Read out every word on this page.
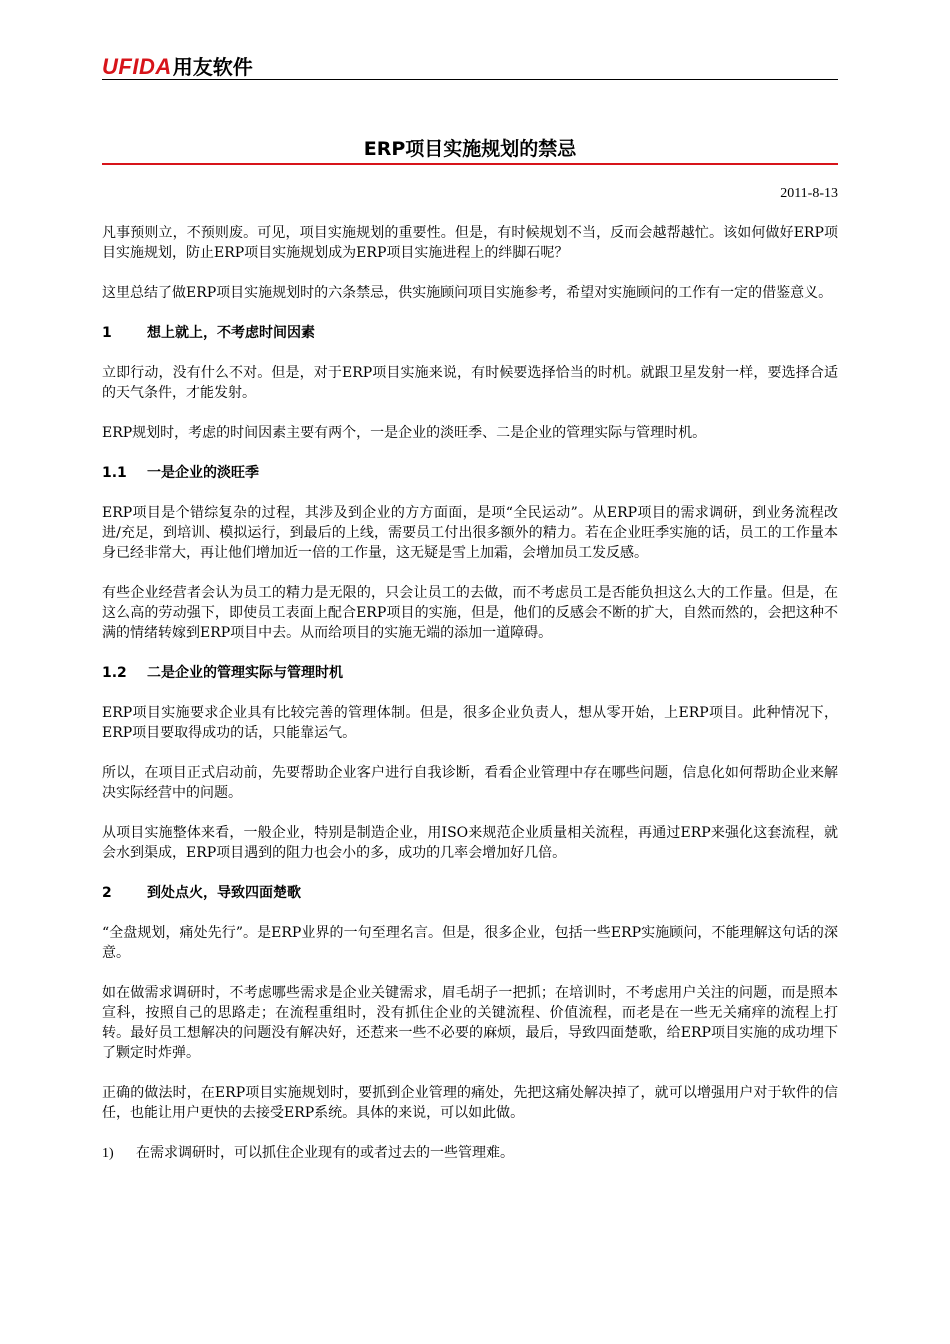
UFIDA用友软件
ERP项目实施规划的禁忌
2011-8-13

凡事预则立，不预则废。可见，项目实施规划的重要性。但是，有时候规划不当，反而会越帮越忙。该如何做好ERP项目实施规划，防止ERP项目实施规划成为ERP项目实施进程上的绊脚石呢？

这里总结了做ERP项目实施规划时的六条禁忌，供实施顾问项目实施参考，希望对实施顾问的工作有一定的借鉴意义。

1	想上就上，不考虑时间因素

立即行动，没有什么不对。但是，对于ERP项目实施来说，有时候要选择恰当的时机。就跟卫星发射一样，要选择合适的天气条件，才能发射。

ERP规划时，考虑的时间因素主要有两个，一是企业的淡旺季、二是企业的管理实际与管理时机。

1.1 一是企业的淡旺季

ERP项目是个错综复杂的过程，其涉及到企业的方方面面，是项“全民运动”。从ERP项目的需求调研，到业务流程改进/充足，到培训、模拟运行，到最后的上线，需要员工付出很多额外的精力。若在企业旺季实施的话，员工的工作量本身已经非常大，再让他们增加近一倍的工作量，这无疑是雪上加霜，会增加员工发反感。

有些企业经营者会认为员工的精力是无限的，只会让员工的去做，而不考虑员工是否能负担这么大的工作量。但是，在这么高的劳动强下，即使员工表面上配合ERP项目的实施，但是，他们的反感会不断的扩大，自然而然的，会把这种不满的情绪转嫁到ERP项目中去。从而给项目的实施无端的添加一道障碍。

1.2 二是企业的管理实际与管理时机

ERP项目实施要求企业具有比较完善的管理体制。但是，很多企业负责人，想从零开始，上ERP项目。此种情况下，ERP项目要取得成功的话，只能靠运气。

所以，在项目正式启动前，先要帮助企业客户进行自我诊断，看看企业管理中存在哪些问题，信息化如何帮助企业来解决实际经营中的问题。

从项目实施整体来看，一般企业，特别是制造企业，用ISO来规范企业质量相关流程，再通过ERP来强化这套流程，就会水到渠成，ERP项目遇到的阻力也会小的多，成功的几率会增加好几倍。

2	到处点火，导致四面楚歌

“全盘规划，痛处先行”。是ERP业界的一句至理名言。但是，很多企业，包括一些ERP实施顾问，不能理解这句话的深意。

如在做需求调研时，不考虑哪些需求是企业关键需求，眉毛胡子一把抓；在培训时，不考虑用户关注的问题，而是照本宣科，按照自己的思路走；在流程重组时，没有抓住企业的关键流程、价值流程，而老是在一些无关痛痒的流程上打转。最好员工想解决的问题没有解决好，还惹来一些不必要的麻烦，最后，导致四面楚歌，给ERP项目实施的成功埋下了颗定时炸弹。

正确的做法时，在ERP项目实施规划时，要抓到企业管理的痛处，先把这痛处解决掉了，就可以增强用户对于软件的信任，也能让用户更快的去接受ERP系统。具体的来说，可以如此做。

1) 在需求调研时，可以抓住企业现有的或者过去的一些管理难。
